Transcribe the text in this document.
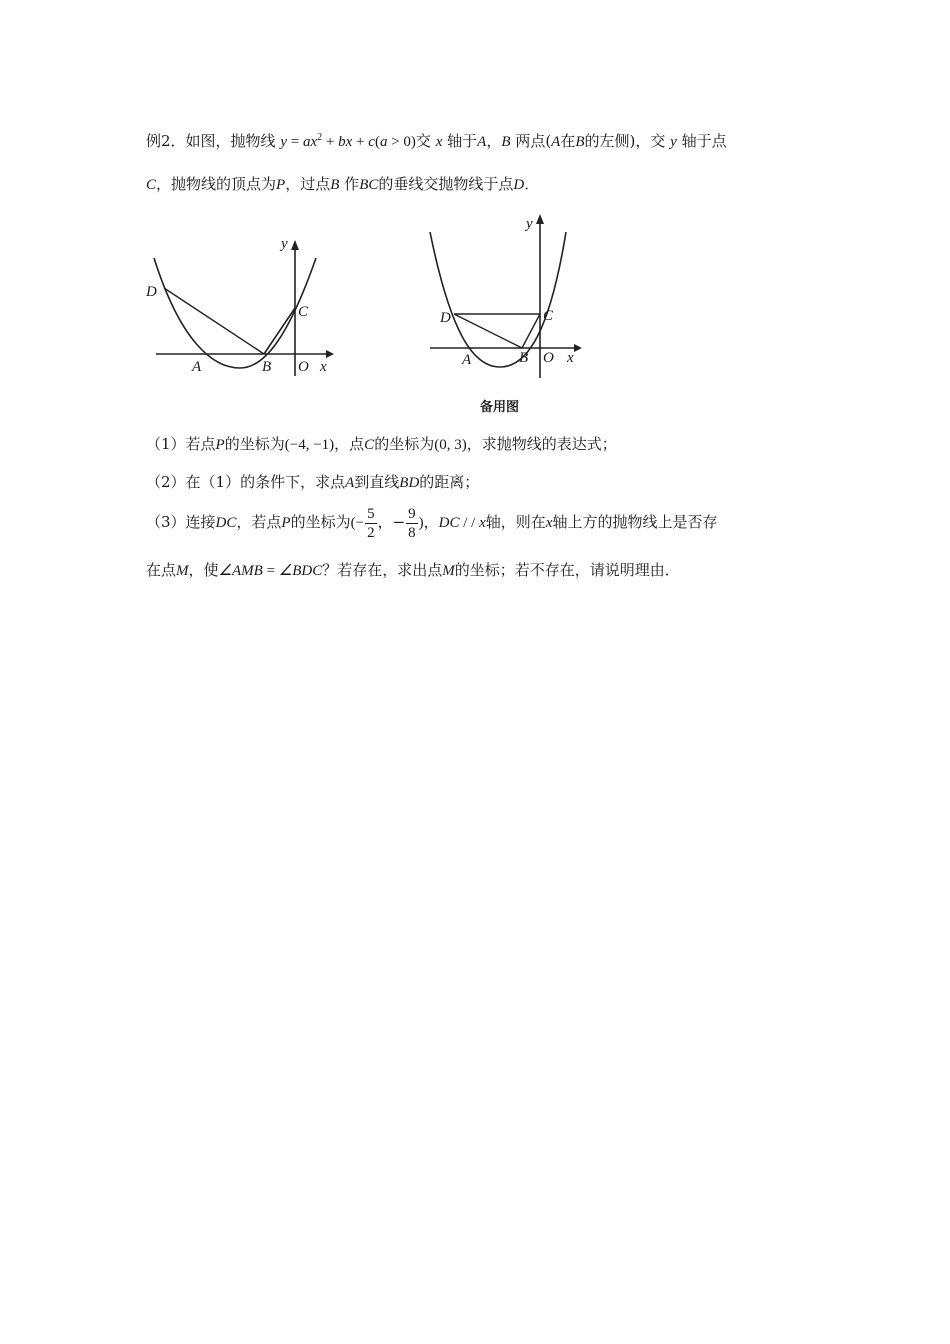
例2．如图，抛物线 $y = ax^2$ + bx + c(a > 0)交 x 轴于A，B 两点(A在B的左侧)，交 y 轴于点
C，抛物线的顶点为P，过点B 作BC的垂线交抛物线于点D．
y
D
C
A	B O x
y
D	C
A	B O x
备用图
（1）若点P的坐标为(−4, −1)，点C的坐标为(0, 3)，求抛物线的表达式；
（2）在（1）的条件下，求点A到直线BD的距离；
（3）连接DC，若点P的坐标为(− $\frac{5}{2}$ ，− $\frac{9}{8}$ )，DC / / x轴，则在x轴上方的抛物线上是否存
在点M，使∠AMB = ∠BDC？若存在，求出点M的坐标；若不存在，请说明理由．
